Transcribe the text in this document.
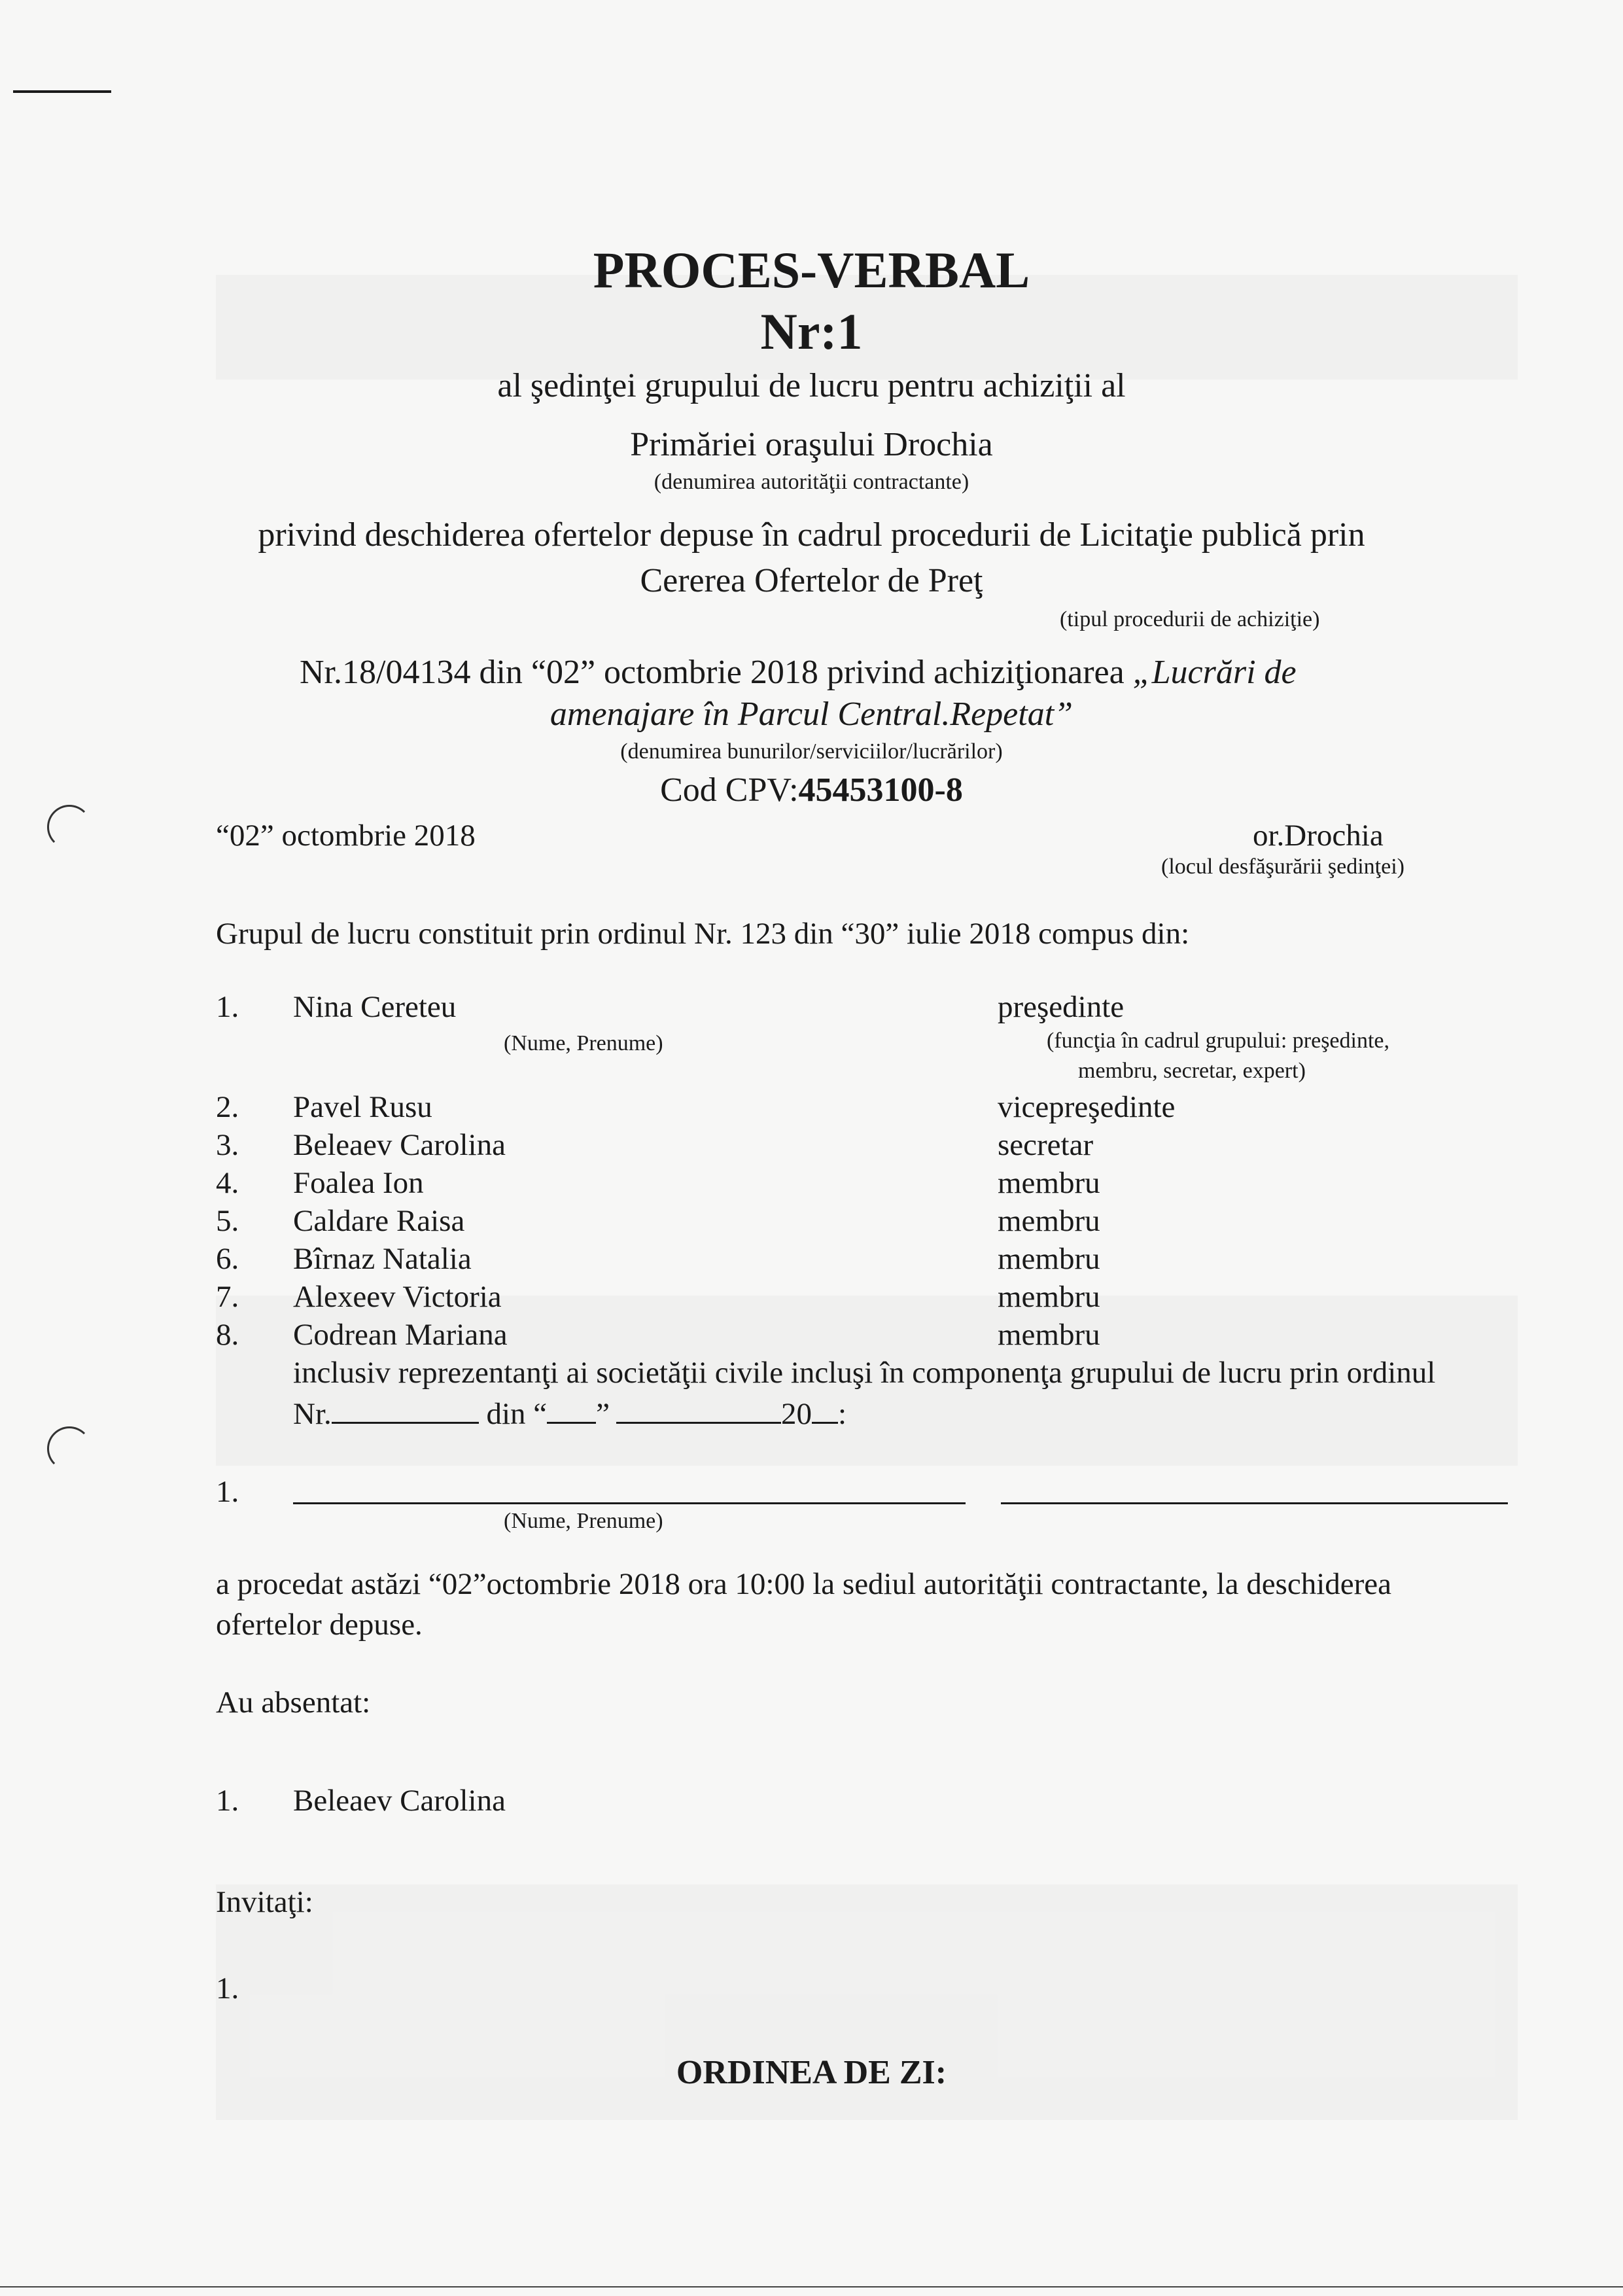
PROCES-VERBAL
Nr:1
al şedinţei grupului de lucru pentru achiziţii al
Primăriei oraşului Drochia
(denumirea autorităţii contractante)
privind deschiderea ofertelor depuse în cadrul procedurii de Licitaţie publică prin
Cererea Ofertelor de Preţ
(tipul procedurii de achiziţie)
Nr.18/04134 din “02” octombrie 2018 privind achiziţionarea „Lucrări de
amenajare în Parcul Central.Repetat”
(denumirea bunurilor/serviciilor/lucrărilor)
Cod CPV:45453100-8
“02” octombrie 2018	or.Drochia
(locul desfăşurării şedinţei)
Grupul de lucru constituit prin ordinul Nr. 123 din “30” iulie 2018 compus din:
1. Nina Cereteu	preşedinte
(Nume, Prenume)	(funcţia în cadrul grupului: preşedinte,
membru, secretar, expert)
2. Pavel Rusu	vicepreşedinte
3. Beleaev Carolina	secretar
4. Foalea Ion	membru
5. Caldare Raisa	membru
6. Bîrnaz Natalia	membru
7. Alexeev Victoria	membru
8. Codrean Mariana	membru
inclusiv reprezentanţi ai societăţii civile incluşi în componenţa grupului de lucru prin ordinul
Nr.	din “ ”	20 :
1.
(Nume, Prenume)
a procedat astăzi “02”octombrie 2018 ora 10:00 la sediul autorităţii contractante, la deschiderea
ofertelor depuse.
Au absentat:
1. Beleaev Carolina
Invitaţi:
1.
ORDINEA DE ZI:
